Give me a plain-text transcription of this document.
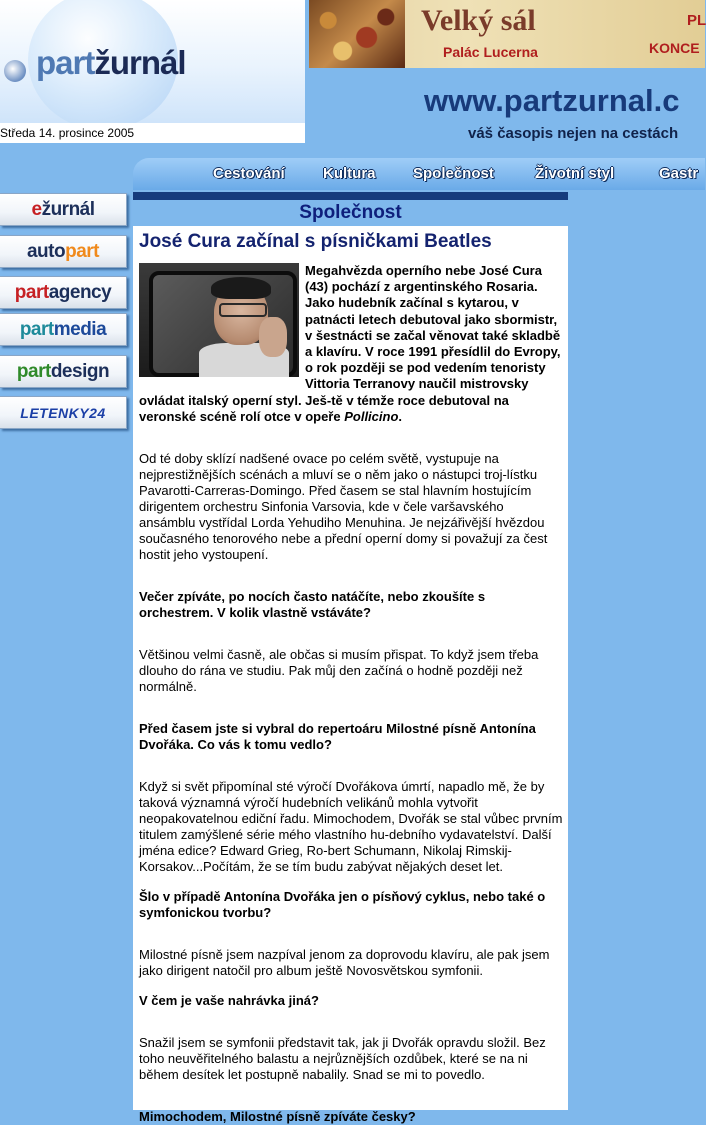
partžurnál
Středa 14. prosince 2005
Velký sál
Palác Lucerna
PL
KONCE
www.partzurnal.c
váš časopis nejen na cestách
Cestování	Kultura	Společnost	Životní styl	Gastr
e žurnál
auto part
part agency
part media
part design
LETENKY24
Společnost
José Cura začínal s písničkami Beatles

Megahvězda operního nebe José Cura (43) pochází z argentinského Rosaria. Jako hudebník začínal s kytarou, v patnácti letech debutoval jako sbormistr, v šestnácti se začal věnovat také skladbě a klavíru. V roce 1991 přesídlil do Evropy, o rok později se pod vedením tenoristy Vittoria Terranovy naučil mistrovsky ovládat italský operní styl. Ješ-tě v témže roce debutoval na veronské scéně rolí otce v opeře Pollicino.

Od té doby sklízí nadšené ovace po celém světě, vystupuje na nejprestižnějších scénách a mluví se o něm jako o nástupci troj-lístku Pavarotti-Carreras-Domingo. Před časem se stal hlavním hostujícím dirigentem orchestru Sinfonia Varsovia, kde v čele varšavského ansámblu vystřídal Lorda Yehudiho Menuhina. Je nejzářivější hvězdou současného tenorového nebe a přední operní domy si považují za čest hostit jeho vystoupení.

Večer zpíváte, po nocích často natáčíte, nebo zkoušíte s orchestrem. V kolik vlastně vstáváte?

Většinou velmi časně, ale občas si musím přispat. To když jsem třeba dlouho do rána ve studiu. Pak můj den začíná o hodně později než normálně.

Před časem jste si vybral do repertoáru Milostné písně Antonína Dvořáka. Co vás k tomu vedlo?

Když si svět připomínal sté výročí Dvořákova úmrtí, napadlo mě, že by taková významná výročí hudebních velikánů mohla vytvořit neopakovatelnou ediční řadu. Mimochodem, Dvořák se stal vůbec prvním titulem zamýšlené série mého vlastního hu-debního vydavatelství. Další jména edice? Edward Grieg, Ro-bert Schumann, Nikolaj Rimskij-Korsakov...Počítám, že se tím budu zabývat nějakých deset let.

Šlo v případě Antonína Dvořáka jen o písňový cyklus, nebo také o symfonickou tvorbu?

Milostné písně jsem nazpíval jenom za doprovodu klavíru, ale pak jsem jako dirigent natočil pro album ještě Novosvětskou symfonii.

V čem je vaše nahrávka jiná?

Snažil jsem se symfonii představit tak, jak ji Dvořák opravdu složil. Bez toho neuvěřitelného balastu a nejrůznějších ozdůbek, které se na ni během desítek let postupně nabalily. Snad se mi to povedlo.

Mimochodem, Milostné písně zpíváte česky?
